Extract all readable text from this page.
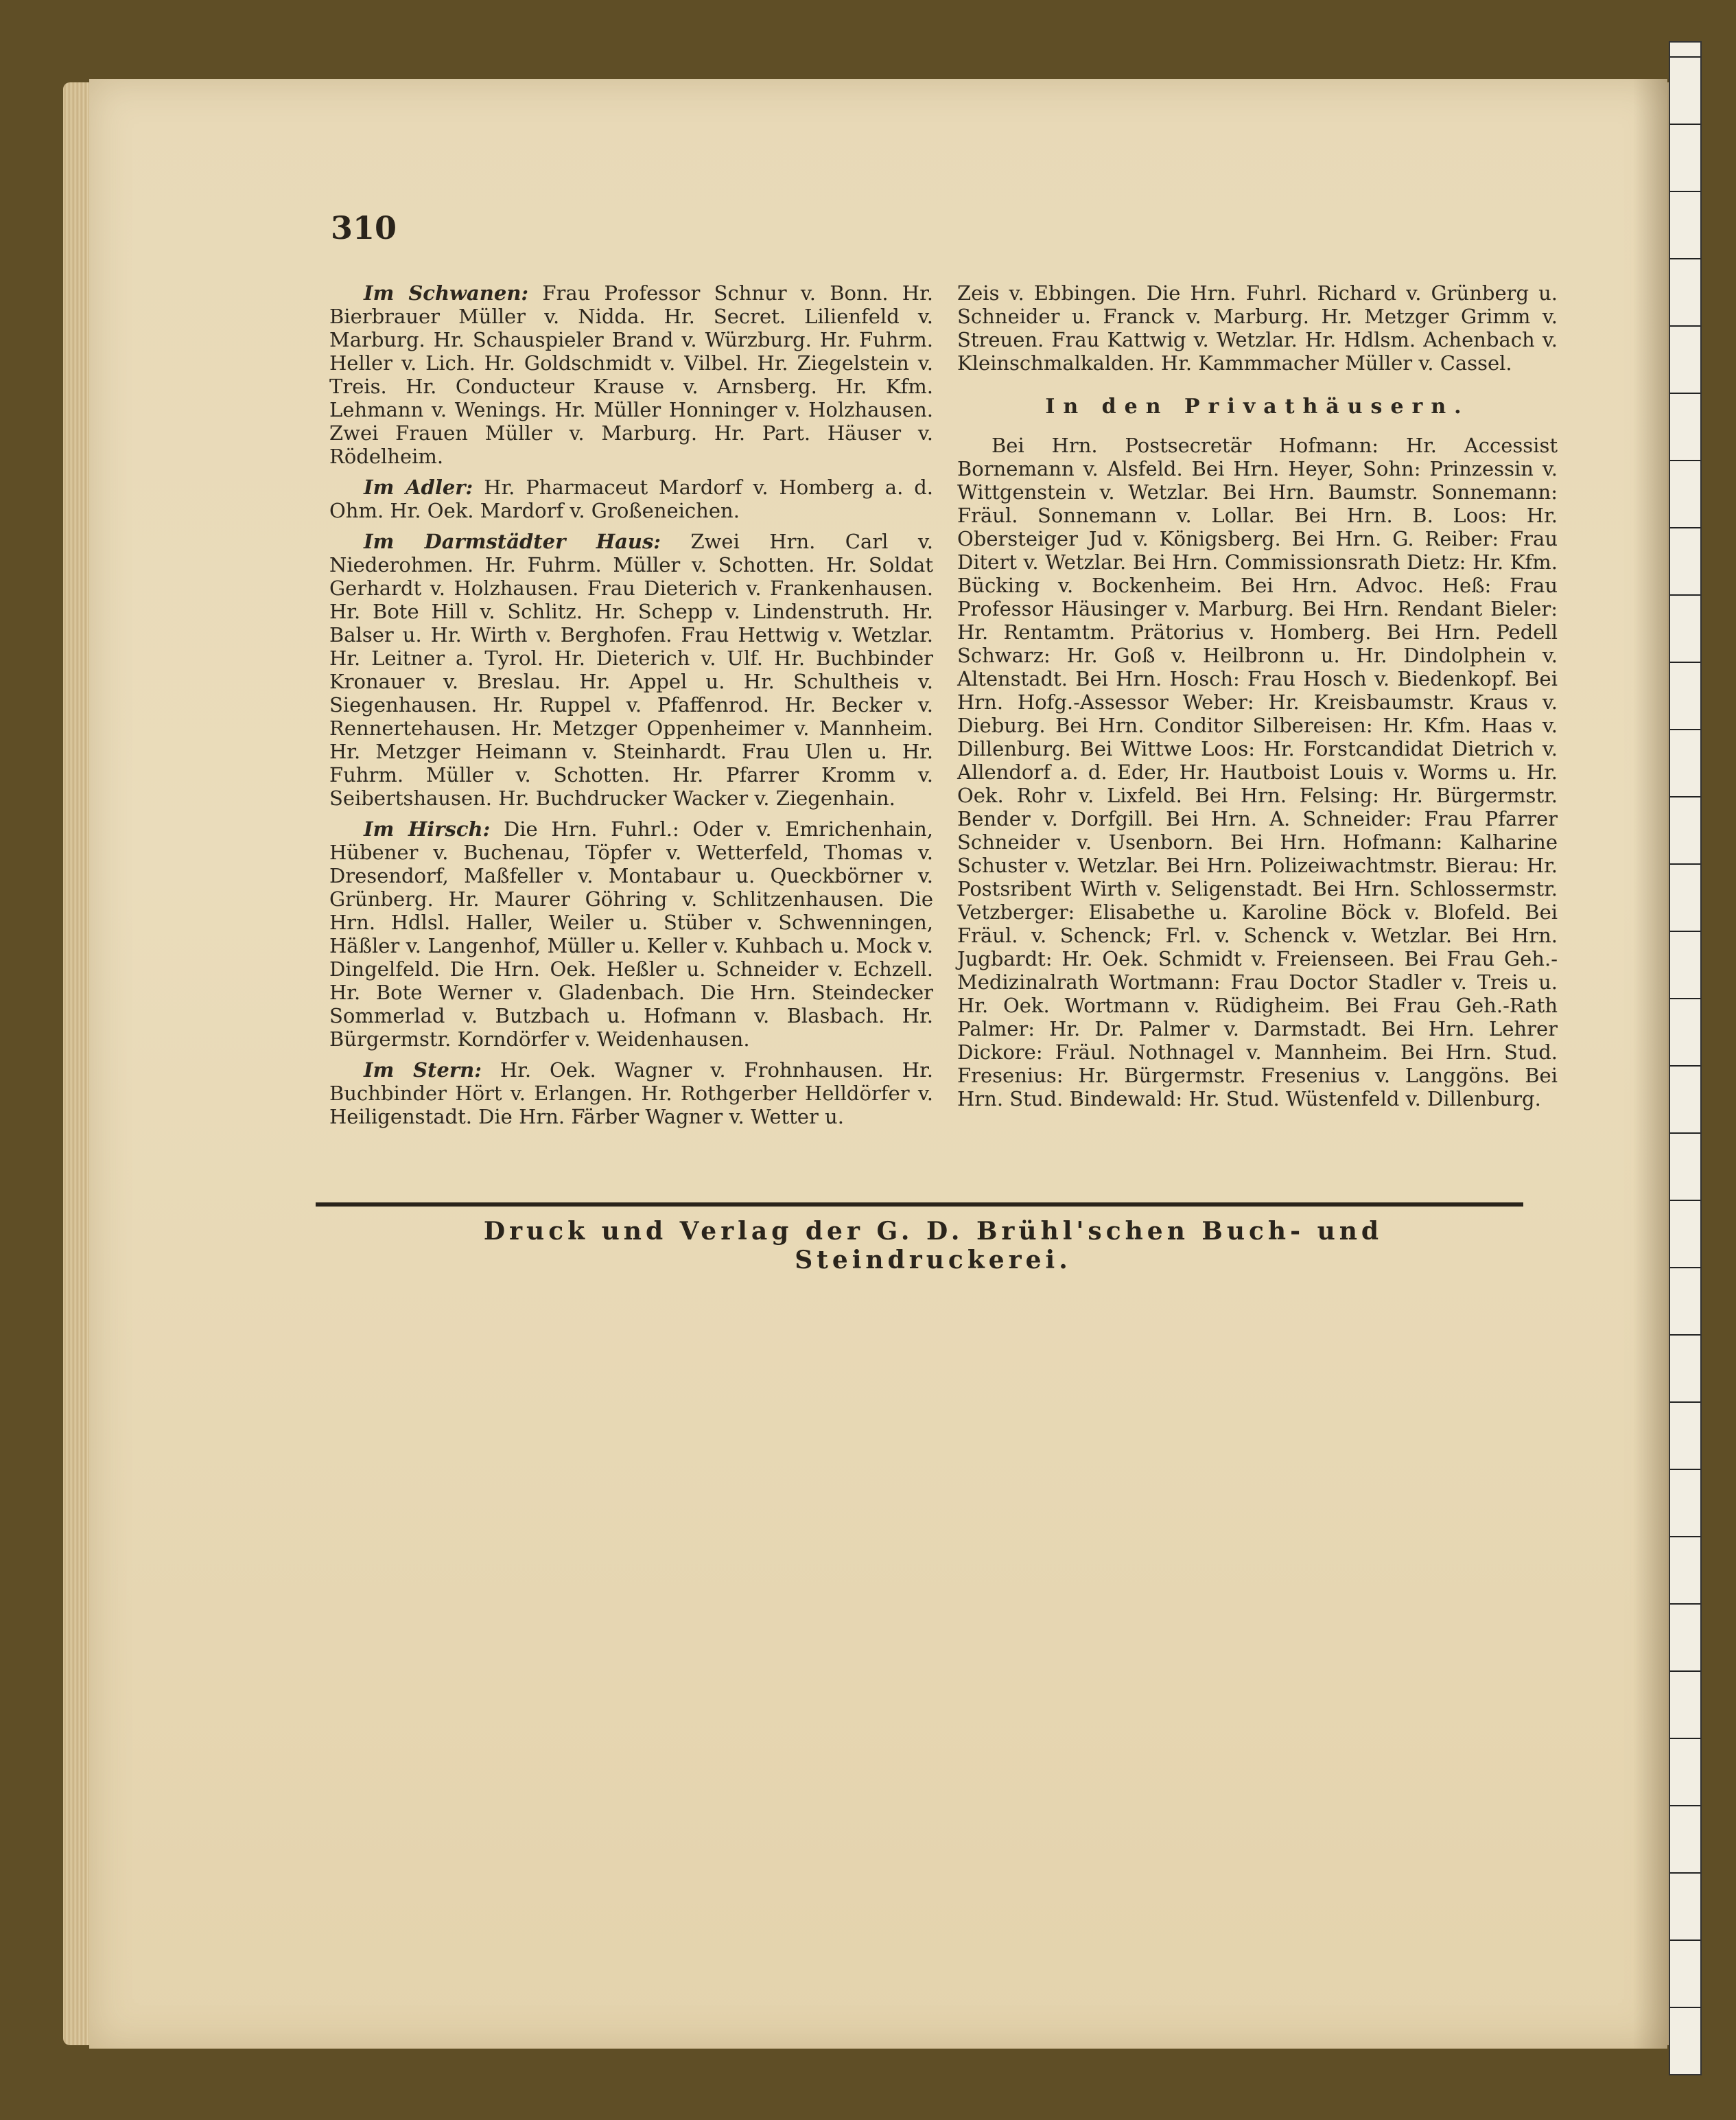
310

Im Schwanen: Frau Professor Schnur v. Bonn. Hr. Bierbrauer Müller v. Nidda. Hr. Secret. Lilienfeld v. Marburg. Hr. Schauspieler Brand v. Würzburg. Hr. Fuhrm. Heller v. Lich. Hr. Goldschmidt v. Vilbel. Hr. Ziegelstein v. Treis. Hr. Conducteur Krause v. Arnsberg. Hr. Kfm. Lehmann v. Wenings. Hr. Müller Honninger v. Holzhausen. Zwei Frauen Müller v. Marburg. Hr. Part. Häuser v. Rödelheim.

Im Adler: Hr. Pharmaceut Mardorf v. Homberg a. d. Ohm. Hr. Oek. Mardorf v. Großeneichen.

Im Darmstädter Haus: Zwei Hrn. Carl v. Niederohmen. Hr. Fuhrm. Müller v. Schotten. Hr. Soldat Gerhardt v. Holzhausen. Frau Dieterich v. Frankenhausen. Hr. Bote Hill v. Schlitz. Hr. Schepp v. Lindenstruth. Hr. Balser u. Hr. Wirth v. Berghofen. Frau Hettwig v. Wetzlar. Hr. Leitner a. Tyrol. Hr. Dieterich v. Ulf. Hr. Buchbinder Kronauer v. Breslau. Hr. Appel u. Hr. Schultheis v. Siegenhausen. Hr. Ruppel v. Pfaffenrod. Hr. Becker v. Rennertehausen. Hr. Metzger Oppenheimer v. Mannheim. Hr. Metzger Heimann v. Steinhardt. Frau Ulen u. Hr. Fuhrm. Müller v. Schotten. Hr. Pfarrer Kromm v. Seibertshausen. Hr. Buchdrucker Wacker v. Ziegenhain.

Im Hirsch: Die Hrn. Fuhrl.: Oder v. Emrichenhain, Hübener v. Buchenau, Töpfer v. Wetterfeld, Thomas v. Dresendorf, Maßfeller v. Montabaur u. Queckbörner v. Grünberg. Hr. Maurer Göhring v. Schlitzenhausen. Die Hrn. Hdlsl. Haller, Weiler u. Stüber v. Schwenningen, Häßler v. Langenhof, Müller u. Keller v. Kuhbach u. Mock v. Dingelfeld. Die Hrn. Oek. Heßler u. Schneider v. Echzell. Hr. Bote Werner v. Gladenbach. Die Hrn. Steindecker Sommerlad v. Butzbach u. Hofmann v. Blasbach. Hr. Bürgermstr. Korndörfer v. Weidenhausen.

Im Stern: Hr. Oek. Wagner v. Frohnhausen. Hr. Buchbinder Hört v. Erlangen. Hr. Rothgerber Helldörfer v. Heiligenstadt. Die Hrn. Färber Wagner v. Wetter u.

Zeis v. Ebbingen. Die Hrn. Fuhrl. Richard v. Grünberg u. Schneider u. Franck v. Marburg. Hr. Metzger Grimm v. Streuen. Frau Kattwig v. Wetzlar. Hr. Hdlsm. Achenbach v. Kleinschmalkalden. Hr. Kammmacher Müller v. Cassel.

In den Privathäusern.

Bei Hrn. Postsecretär Hofmann: Hr. Accessist Bornemann v. Alsfeld. Bei Hrn. Heyer, Sohn: Prinzessin v. Wittgenstein v. Wetzlar. Bei Hrn. Baumstr. Sonnemann: Fräul. Sonnemann v. Lollar. Bei Hrn. B. Loos: Hr. Obersteiger Jud v. Königsberg. Bei Hrn. G. Reiber: Frau Ditert v. Wetzlar. Bei Hrn. Commissionsrath Dietz: Hr. Kfm. Bücking v. Bockenheim. Bei Hrn. Advoc. Heß: Frau Professor Häusinger v. Marburg. Bei Hrn. Rendant Bieler: Hr. Rentamtm. Prätorius v. Homberg. Bei Hrn. Pedell Schwarz: Hr. Goß v. Heilbronn u. Hr. Dindolphein v. Altenstadt. Bei Hrn. Hosch: Frau Hosch v. Biedenkopf. Bei Hrn. Hofg.-Assessor Weber: Hr. Kreisbaumstr. Kraus v. Dieburg. Bei Hrn. Conditor Silbereisen: Hr. Kfm. Haas v. Dillenburg. Bei Wittwe Loos: Hr. Forstcandidat Dietrich v. Allendorf a. d. Eder, Hr. Hautboist Louis v. Worms u. Hr. Oek. Rohr v. Lixfeld. Bei Hrn. Felsing: Hr. Bürgermstr. Bender v. Dorfgill. Bei Hrn. A. Schneider: Frau Pfarrer Schneider v. Usenborn. Bei Hrn. Hofmann: Kalharine Schuster v. Wetzlar. Bei Hrn. Polizeiwachtmstr. Bierau: Hr. Postsribent Wirth v. Seligenstadt. Bei Hrn. Schlossermstr. Vetzberger: Elisabethe u. Karoline Böck v. Blofeld. Bei Fräul. v. Schenck; Frl. v. Schenck v. Wetzlar. Bei Hrn. Jugbardt: Hr. Oek. Schmidt v. Freienseen. Bei Frau Geh.-Medizinalrath Wortmann: Frau Doctor Stadler v. Treis u. Hr. Oek. Wortmann v. Rüdigheim. Bei Frau Geh.-Rath Palmer: Hr. Dr. Palmer v. Darmstadt. Bei Hrn. Lehrer Dickore: Fräul. Nothnagel v. Mannheim. Bei Hrn. Stud. Fresenius: Hr. Bürgermstr. Fresenius v. Langgöns. Bei Hrn. Stud. Bindewald: Hr. Stud. Wüstenfeld v. Dillenburg.

Druck und Verlag der G. D. Brühl'schen Buch- und Steindruckerei.
